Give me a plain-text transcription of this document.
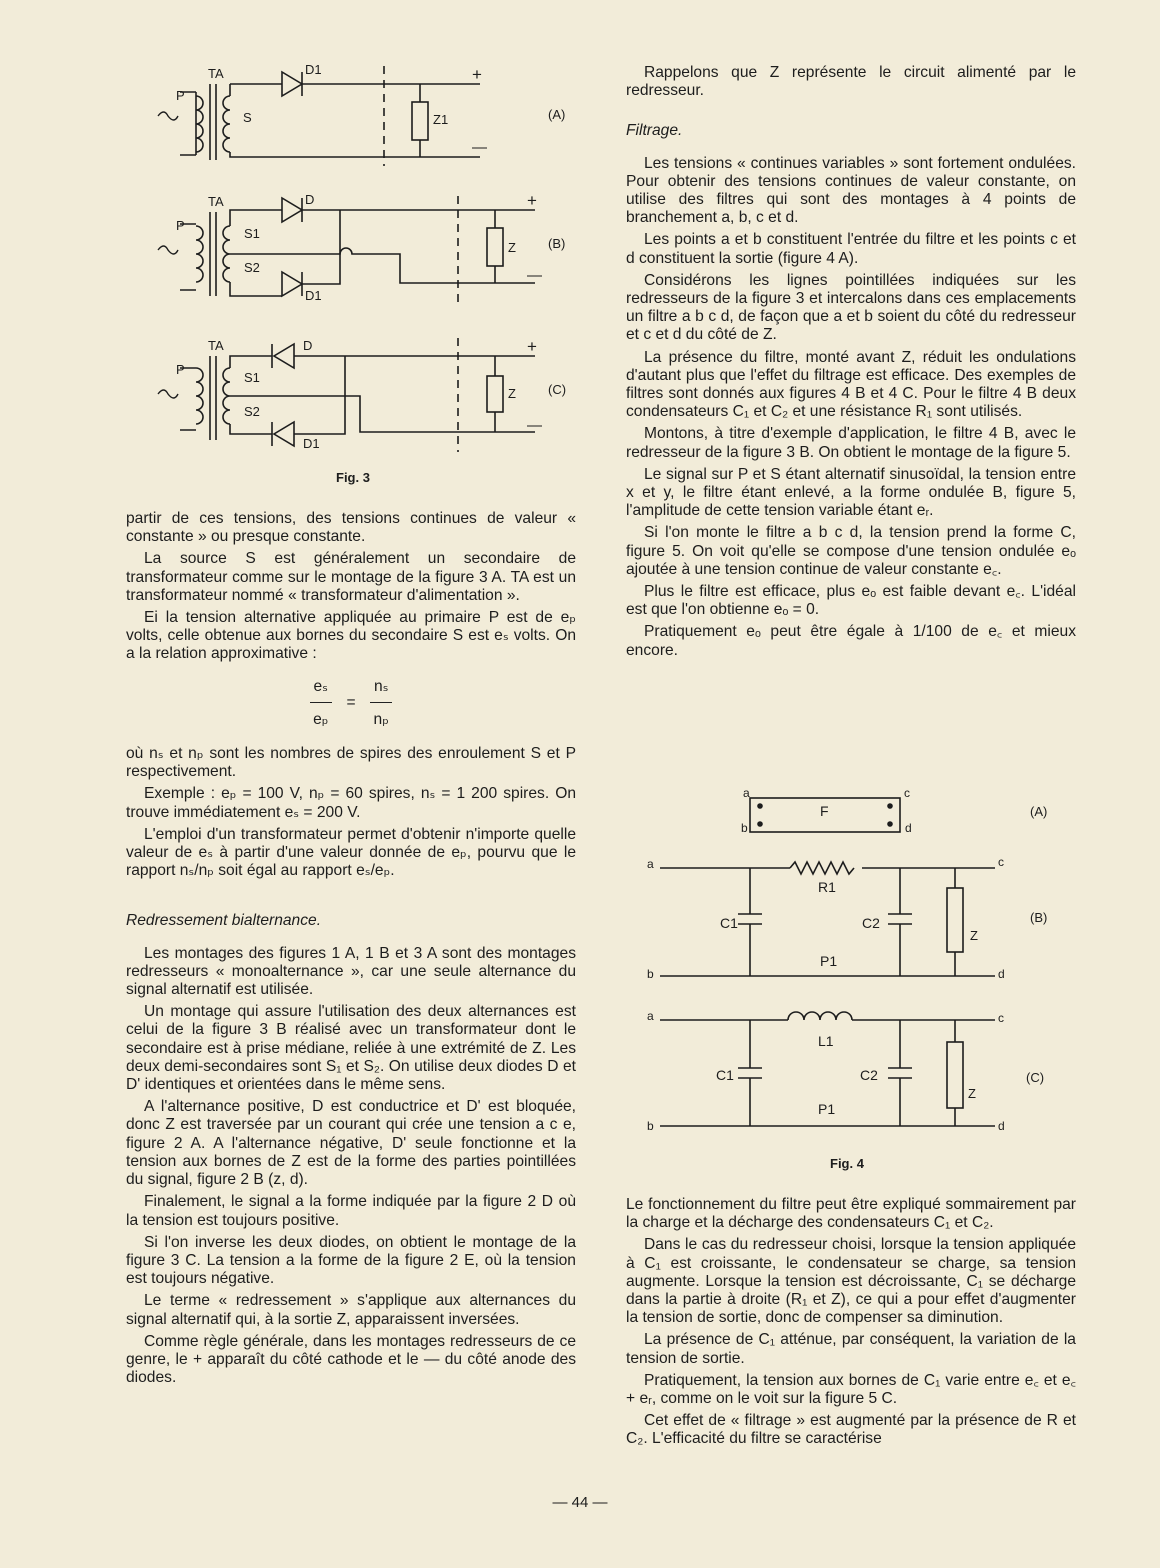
TA
P
S
D1
Z1
+
—
(A)
TA
P
S1
S2
D
D1
Z
+
—
(B)
TA
P
S1
S2
D
D1
Z
+
—
(C)
Fig. 3

partir de ces tensions, des tensions continues de valeur « constante » ou presque constante.

La source S est généralement un secondaire de transformateur comme sur le montage de la figure 3 A. TA est un transformateur nommé « transformateur d'alimentation ».

Ei la tension alternative appliquée au primaire P est de eₚ volts, celle obtenue aux bornes du secondaire S est eₛ volts. On a la relation approximative :

$\frac{\text{eₛ}}{\text{eₚ}} = \frac{\text{nₛ}}{\text{nₚ}}$

où nₛ et nₚ sont les nombres de spires des enroulement S et P respectivement.

Exemple : eₚ = 100 V, nₚ = 60 spires, nₛ = 1 200 spires. On trouve immédiatement eₛ = 200 V.

L'emploi d'un transformateur permet d'obtenir n'importe quelle valeur de eₛ à partir d'une valeur donnée de eₚ, pourvu que le rapport nₛ/nₚ soit égal au rapport eₛ/eₚ.

Redressement bialternance.

Les montages des figures 1 A, 1 B et 3 A sont des montages redresseurs « monoalternance », car une seule alternance du signal alternatif est utilisée.

Un montage qui assure l'utilisation des deux alternances est celui de la figure 3 B réalisé avec un transformateur dont le secondaire est à prise médiane, reliée à une extrémité de Z. Les deux demi-secondaires sont S₁ et S₂. On utilise deux diodes D et D' identiques et orientées dans le même sens.

A l'alternance positive, D est conductrice et D' est bloquée, donc Z est traversée par un courant qui crée une tension a c e, figure 2 A. A l'alternance négative, D' seule fonctionne et la tension aux bornes de Z est de la forme des parties pointillées du signal, figure 2 B (z, d).

Finalement, le signal a la forme indiquée par la figure 2 D où la tension est toujours positive.

Si l'on inverse les deux diodes, on obtient le montage de la figure 3 C. La tension a la forme de la figure 2 E, où la tension est toujours négative.

Le terme « redressement » s'applique aux alternances du signal alternatif qui, à la sortie Z, apparaissent inversées.

Comme règle générale, dans les montages redresseurs de ce genre, le + apparaît du côté cathode et le — du côté anode des diodes.

Rappelons que Z représente le circuit alimenté par le redresseur.

Filtrage.

Les tensions « continues variables » sont fortement ondulées. Pour obtenir des tensions continues de valeur constante, on utilise des filtres qui sont des montages à 4 points de branchement a, b, c et d.

Les points a et b constituent l'entrée du filtre et les points c et d constituent la sortie (figure 4 A).

Considérons les lignes pointillées indiquées sur les redresseurs de la figure 3 et intercalons dans ces emplacements un filtre a b c d, de façon que a et b soient du côté du redresseur et c et d du côté de Z.

La présence du filtre, monté avant Z, réduit les ondulations d'autant plus que l'effet du filtrage est efficace. Des exemples de filtres sont donnés aux figures 4 B et 4 C. Pour le filtre 4 B deux condensateurs C₁ et C₂ et une résistance R₁ sont utilisés.

Montons, à titre d'exemple d'application, le filtre 4 B, avec le redresseur de la figure 3 B. On obtient le montage de la figure 5.

Le signal sur P et S étant alternatif sinusoïdal, la tension entre x et y, le filtre étant enlevé, a la forme ondulée B, figure 5, l'amplitude de cette tension variable étant eᵣ.

Si l'on monte le filtre a b c d, la tension prend la forme C, figure 5. On voit qu'elle se compose d'une tension ondulée eₒ ajoutée à une tension continue de valeur constante e꜀.

Plus le filtre est efficace, plus eₒ est faible devant e꜀. L'idéal est que l'on obtienne eₒ = 0.

Pratiquement eₒ peut être égale à 1/100 de e꜀ et mieux encore.

a
b
c
d
F	(A)
a
b
c
d
R1
C1	C2
P1
Z
(B)
a
b
c
d
L1
C1	C2
P1
Z
(C)
Fig. 4

Le fonctionnement du filtre peut être expliqué sommairement par la charge et la décharge des condensateurs C₁ et C₂.

Dans le cas du redresseur choisi, lorsque la tension appliquée à C₁ est croissante, le condensateur se charge, sa tension augmente. Lorsque la tension est décroissante, C₁ se décharge dans la partie à droite (R₁ et Z), ce qui a pour effet d'augmenter la tension de sortie, donc de compenser sa diminution.

La présence de C₁ atténue, par conséquent, la variation de la tension de sortie.

Pratiquement, la tension aux bornes de C₁ varie entre e꜀ et e꜀ + eᵣ, comme on le voit sur la figure 5 C.

Cet effet de « filtrage » est augmenté par la présence de R et C₂. L'efficacité du filtre se caractérise

— 44 —
